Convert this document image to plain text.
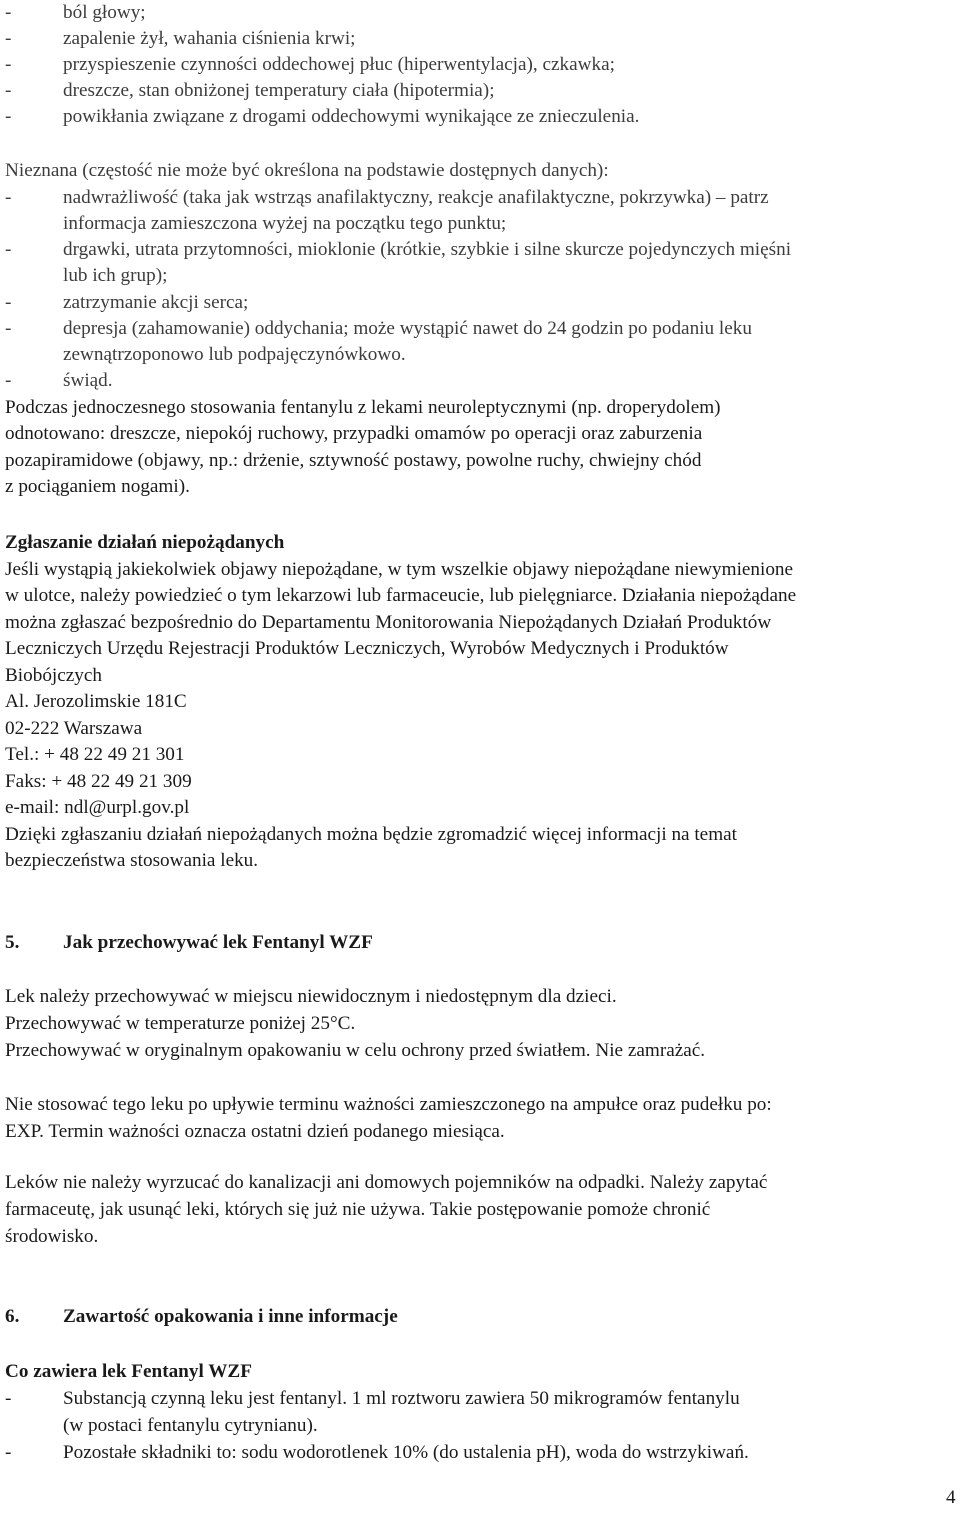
-	ból głowy;
-	zapalenie żył, wahania ciśnienia krwi;
-	przyspieszenie czynności oddechowej płuc (hiperwentylacja), czkawka;
-	dreszcze, stan obniżonej temperatury ciała (hipotermia);
-	powikłania związane z drogami oddechowymi wynikające ze znieczulenia.
Nieznana (częstość nie może być określona na podstawie dostępnych danych):
-	nadwrażliwość (taka jak wstrząs anafilaktyczny, reakcje anafilaktyczne, pokrzywka) – patrz
informacja zamieszczona wyżej na początku tego punktu;
-	drgawki, utrata przytomności, mioklonie (krótkie, szybkie i silne skurcze pojedynczych mięśni
lub ich grup);
-	zatrzymanie akcji serca;
-	depresja (zahamowanie) oddychania; może wystąpić nawet do 24 godzin po podaniu leku
zewnątrzoponowo lub podpajęczynówkowo.
-	świąd.
Podczas jednoczesnego stosowania fentanylu z lekami neuroleptycznymi (np. droperydolem)
odnotowano: dreszcze, niepokój ruchowy, przypadki omamów po operacji oraz zaburzenia
pozapiramidowe (objawy, np.: drżenie, sztywność postawy, powolne ruchy, chwiejny chód
z pociąganiem nogami).
Zgłaszanie działań niepożądanych
Jeśli wystąpią jakiekolwiek objawy niepożądane, w tym wszelkie objawy niepożądane niewymienione
w ulotce, należy powiedzieć o tym lekarzowi lub farmaceucie, lub pielęgniarce. Działania niepożądane
można zgłaszać bezpośrednio do Departamentu Monitorowania Niepożądanych Działań Produktów
Leczniczych Urzędu Rejestracji Produktów Leczniczych, Wyrobów Medycznych i Produktów
Biobójczych
Al. Jerozolimskie 181C
02-222 Warszawa
Tel.: + 48 22 49 21 301
Faks: + 48 22 49 21 309
e-mail: ndl@urpl.gov.pl
Dzięki zgłaszaniu działań niepożądanych można będzie zgromadzić więcej informacji na temat
bezpieczeństwa stosowania leku.
5. Jak przechowywać lek Fentanyl WZF
Lek należy przechowywać w miejscu niewidocznym i niedostępnym dla dzieci.
Przechowywać w temperaturze poniżej 25°C.
Przechowywać w oryginalnym opakowaniu w celu ochrony przed światłem. Nie zamrażać.
Nie stosować tego leku po upływie terminu ważności zamieszczonego na ampułce oraz pudełku po:
EXP. Termin ważności oznacza ostatni dzień podanego miesiąca.
Leków nie należy wyrzucać do kanalizacji ani domowych pojemników na odpadki. Należy zapytać
farmaceutę, jak usunąć leki, których się już nie używa. Takie postępowanie pomoże chronić
środowisko.
6. Zawartość opakowania i inne informacje
Co zawiera lek Fentanyl WZF
-	Substancją czynną leku jest fentanyl. 1 ml roztworu zawiera 50 mikrogramów fentanylu
(w postaci fentanylu cytrynianu).
-	Pozostałe składniki to: sodu wodorotlenek 10% (do ustalenia pH), woda do wstrzykiwań.
4
